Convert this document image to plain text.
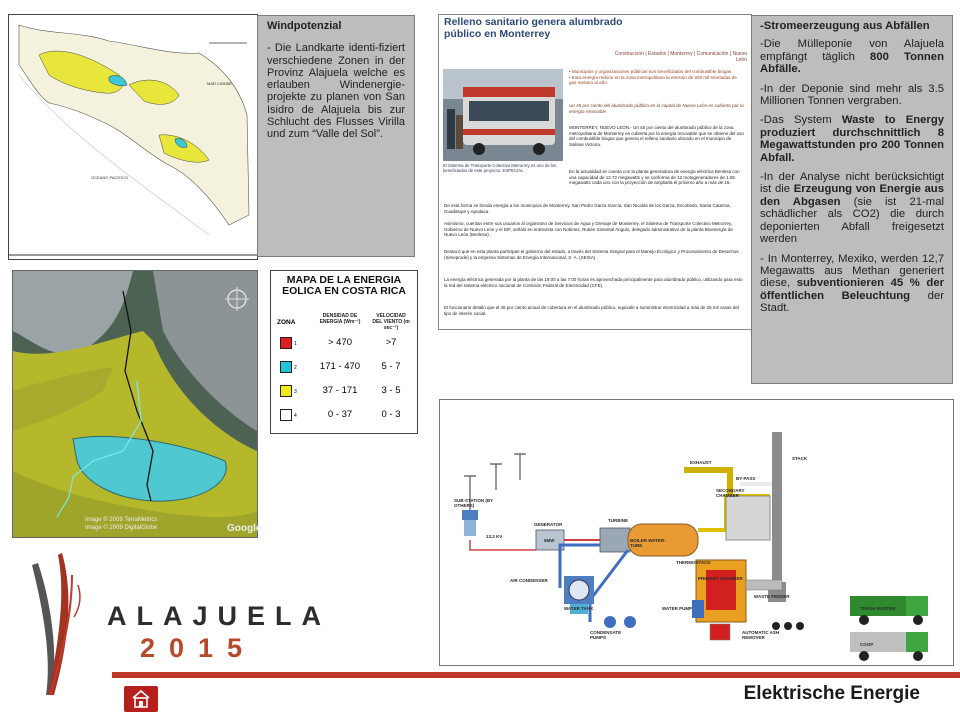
MAR CARIBE
OCEANO PACIFICO
Windpotenzial
- Die Landkarte identi-fiziert verschiedene Zonen in der Provinz Alajuela welche es erlauben Windenergie-projekte zu planen von San Isidro de Alajuela bis zur Schlucht des Flusses Virilla und zum “Valle del Sol”.
Image © 2009 TerraMetrics
Image © 2009 DigitalGlobe	Google
MAPA DE LA ENERGIA EOLICA EN COSTA RICA
ZONA
DENSIDAD DE ENERGIA (Wm⁻²)
VELOCIDAD DEL VIENTO (m sec⁻¹)
1	> 470	>7
2	171 - 470	5 - 7
3	37 - 171	3 - 5
4	0 - 37	0 - 3
Relleno sanitario genera alumbrado público en Monterrey
Construcción | Estados | Monterrey | Comunicación | Nuevo León
El Sistema de Transporte Colectivo Metrorrey es uno de los beneficiados de este proyecto. ESPECIAL
• Municipios y organizaciones públicas son beneficiados del combustible biogas
• Esta energía reduce en la zona metropolitana la emisión de 200 mil toneladas de gas metano al año
Un 45 por ciento del alumbrado público en la capital de Nuevo León es cubierto por la energía renovable
MONTERREY, NUEVO LEÓN.- Un 45 por ciento del alumbrado público de la zona metropolitana de Monterrey es cubierta por la energía renovable que se obtiene del uso del combustible biogas que genera el relleno sanitario ubicado en el municipio de Salinas Victoria.
En la actualidad se cuenta con la planta generadora de energía eléctrica Benlesa con una capacidad de 12.72 megawatts y se conforma de 12 motogeneradores de 1.06 megawatts cada uno con la proyección de ampliarla el próximo año a más de 16.
De esta forma se brinda energía a los municipios de Monterrey, San Pedro Garza García, San Nicolás de los Garza, Escobedo, Santa Catarina, Guadalupe y Apodaca.
Asimismo, cuentan entre sus usuarios al organismo de Servicios de Agua y Drenaje de Monterrey, el Sistema de Transporte Colectivo Metrorrey, Gobierno de Nuevo León y el DIF, señaló en entrevista con Notimex, Rubén Simental Angulo, delegado administrativo de la planta Bioenergía de Nuevo León (Benlesa) .
Destacó que en esta planta participan el gobierno del estado, a través del Sistema Integral para el Manejo Ecológico y Procesamiento de Desechos (Simeprode) y la empresa Sistemas de Energía Internacional, S. A. (SEISA) .
La energía eléctrica generada por la planta de las 19:00 a las 7:00 horas es aprovechada principalmente para alumbrado público, utilizando para esto la red del sistema eléctrico nacional de Comisión Federal de Electricidad (CFE).
El funcionario detalló que el 45 por ciento actual de cobertura en el alumbrado público, equivale a suministrar electricidad a más de 25 mil casas del tipo de interés social.

-Stromeerzeugung aus Abfällen

-Die Mülleponie von Alajuela empfängt täglich 800 Tonnen Abfälle.

-In der Deponie sind mehr als 3.5 Millionen Tonnen vergraben.

-Das System Waste to Energy produziert durchschnittlich 8 Megawattstunden pro 200 Tonnen Abfall.

-In der Analyse nicht berücksichtigt ist die Erzeugung von Energie aus den Abgasen (sie ist 21-mal schädlicher als CO2) die durch deponierten Abfall freigesetzt werden

- In Monterrey, Mexiko, werden 12,7 Megawatts aus Methan generiert diese, subventionieren 45 % der öffentlichen Beleuchtung der Stadt.

SUB-STATION (BY OTHERS)
13.2 KV
GENERATOR
5MW
TURBINE
BOILER WATER-TUBE
SECONDARY CHAMBER
EXHAUST
BY-PASS
STACK
THERMOSTACK
AIR CONDENSER
WATER TANK
CONDENSATE PUMPS
WATER PUMP
PRIMARY CHAMBER
WASTE FEEDER
AUTOMATIC ASH REMOVER
TRASH BUSTER
COOP
ALAJUELA
2015
Elektrische Energie
